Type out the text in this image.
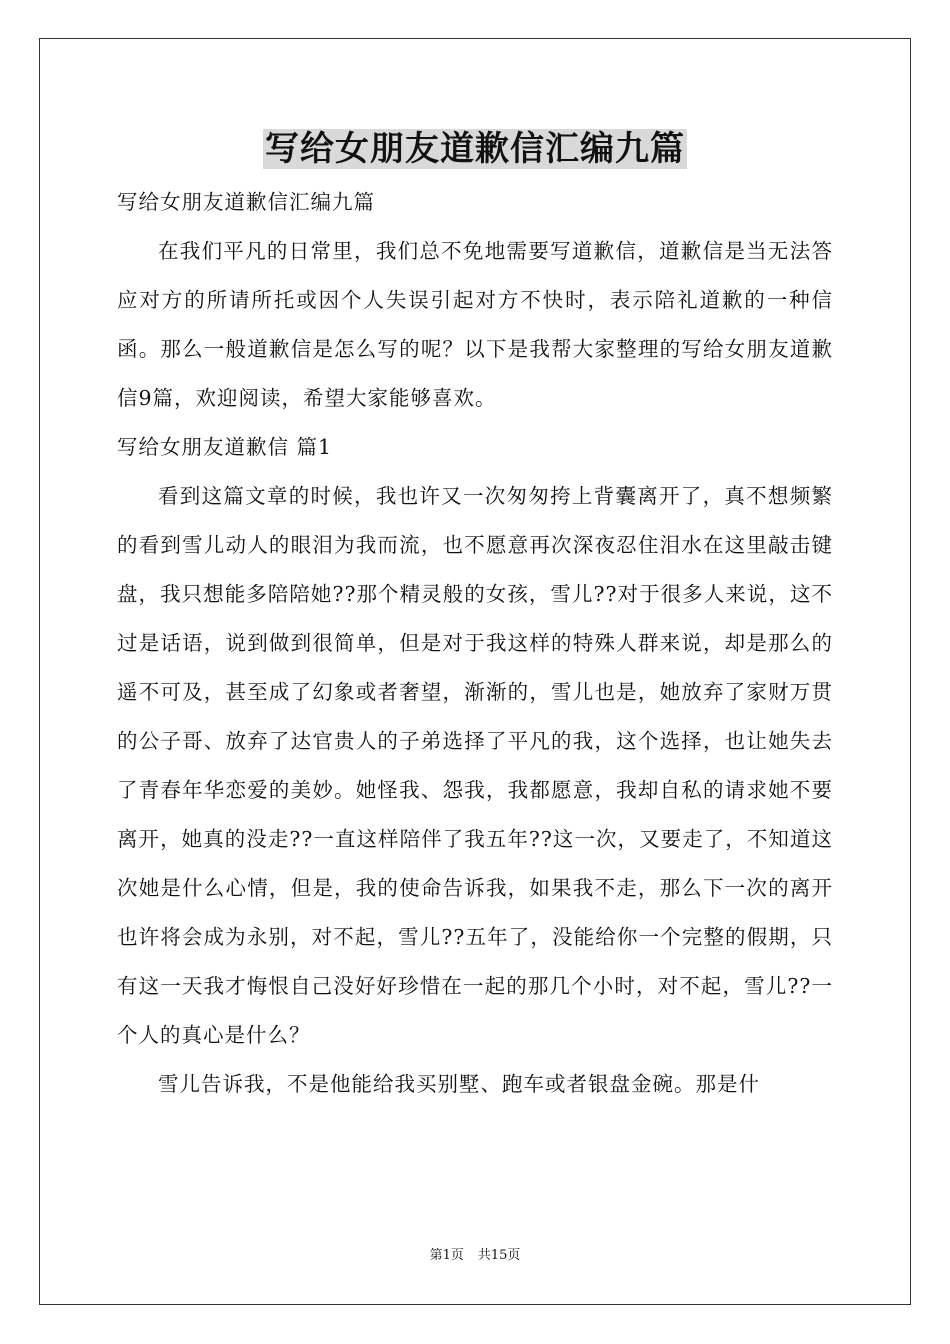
写给女朋友道歉信汇编九篇

写给女朋友道歉信汇编九篇

在我们平凡的日常里，我们总不免地需要写道歉信，道歉信是当无法答应对方的所请所托或因个人失误引起对方不快时，表示陪礼道歉的一种信函。那么一般道歉信是怎么写的呢？以下是我帮大家整理的写给女朋友道歉信9篇，欢迎阅读，希望大家能够喜欢。

写给女朋友道歉信 篇1

看到这篇文章的时候，我也许又一次匆匆挎上背囊离开了，真不想频繁的看到雪儿动人的眼泪为我而流，也不愿意再次深夜忍住泪水在这里敲击键盘，我只想能多陪陪她??那个精灵般的女孩，雪儿??对于很多人来说，这不过是话语，说到做到很简单，但是对于我这样的特殊人群来说，却是那么的遥不可及，甚至成了幻象或者奢望，渐渐的，雪儿也是，她放弃了家财万贯的公子哥、放弃了达官贵人的子弟选择了平凡的我，这个选择，也让她失去了青春年华恋爱的美妙。她怪我、怨我，我都愿意，我却自私的请求她不要离开，她真的没走??一直这样陪伴了我五年??这一次，又要走了，不知道这次她是什么心情，但是，我的使命告诉我，如果我不走，那么下一次的离开也许将会成为永别，对不起，雪儿??五年了，没能给你一个完整的假期，只有这一天我才悔恨自己没好好珍惜在一起的那几个小时，对不起，雪儿??一个人的真心是什么？

雪儿告诉我，不是他能给我买别墅、跑车或者银盘金碗。那是什

第1页 共15页
